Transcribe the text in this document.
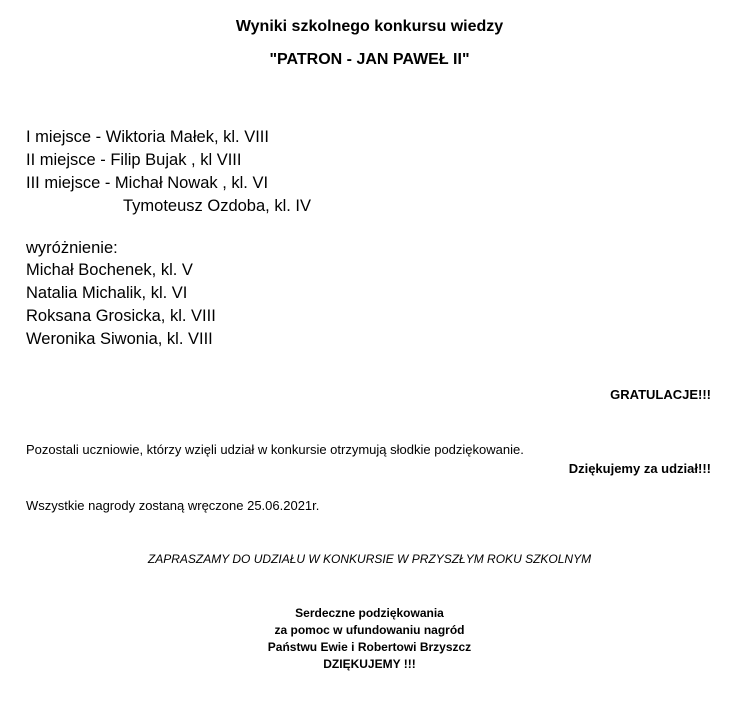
Wyniki szkolnego konkursu wiedzy
"PATRON - JAN PAWEŁ II"
I miejsce - Wiktoria Małek, kl. VIII
II miejsce - Filip Bujak , kl VIII
III miejsce - Michał Nowak , kl. VI
Tymoteusz Ozdoba, kl. IV
wyróżnienie:
Michał Bochenek, kl. V
Natalia Michalik, kl. VI
Roksana Grosicka, kl. VIII
Weronika Siwonia, kl. VIII
GRATULACJE!!!
Pozostali uczniowie, którzy wzięli udział w konkursie otrzymują słodkie podziękowanie.
Dziękujemy za udział!!!
Wszystkie nagrody zostaną wręczone 25.06.2021r.
ZAPRASZAMY DO UDZIAŁU W KONKURSIE W PRZYSZŁYM ROKU SZKOLNYM
Serdeczne podziękowania
za pomoc w ufundowaniu nagród
Państwu Ewie i Robertowi Brzyszcz
DZIĘKUJEMY !!!
